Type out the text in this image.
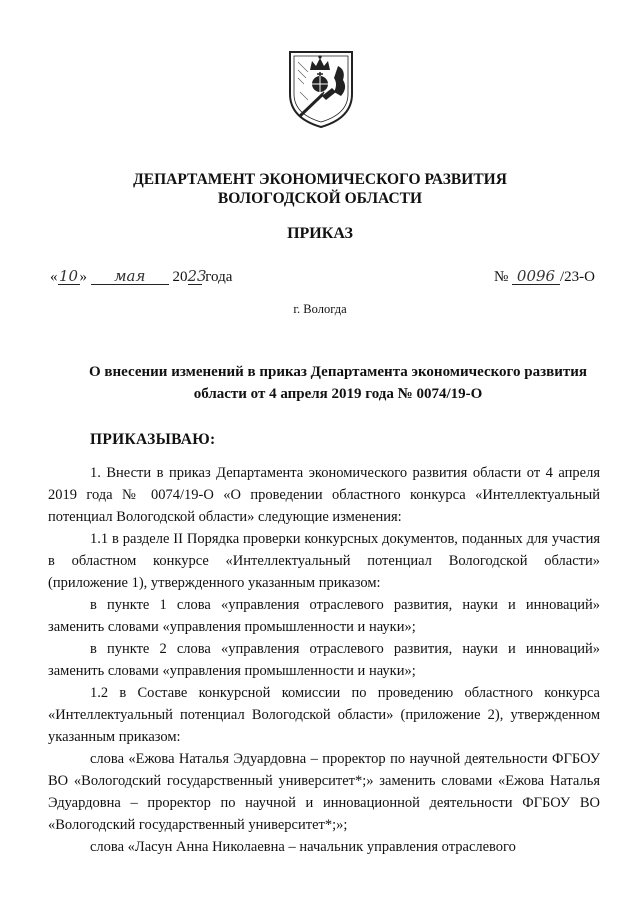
ДЕПАРТАМЕНТ ЭКОНОМИЧЕСКОГО РАЗВИТИЯ
ВОЛОГОДСКОЙ ОБЛАСТИ
ПРИКАЗ
«10» мая 2023 года	№ 0096 /23-О
г. Вологда
О внесении изменений в приказ Департамента экономического развития
области от 4 апреля 2019 года № 0074/19-О
ПРИКАЗЫВАЮ:

1. Внести в приказ Департамента экономического развития области от 4 апреля 2019 года № 0074/19-О «О проведении областного конкурса «Интеллектуальный потенциал Вологодской области» следующие изменения:

1.1 в разделе II Порядка проверки конкурсных документов, поданных для участия в областном конкурсе «Интеллектуальный потенциал Вологодской области» (приложение 1), утвержденного указанным приказом:

в пункте 1 слова «управления отраслевого развития, науки и инноваций» заменить словами «управления промышленности и науки»;

в пункте 2 слова «управления отраслевого развития, науки и инноваций» заменить словами «управления промышленности и науки»;

1.2 в Составе конкурсной комиссии по проведению областного конкурса «Интеллектуальный потенциал Вологодской области» (приложение 2), утвержденном указанным приказом:

слова «Ежова Наталья Эдуардовна – проректор по научной деятельности ФГБОУ ВО «Вологодский государственный университет*;» заменить словами «Ежова Наталья Эдуардовна – проректор по научной и инновационной деятельности ФГБОУ ВО «Вологодский государственный университет*;»;

слова «Ласун Анна Николаевна – начальник управления отраслевого
